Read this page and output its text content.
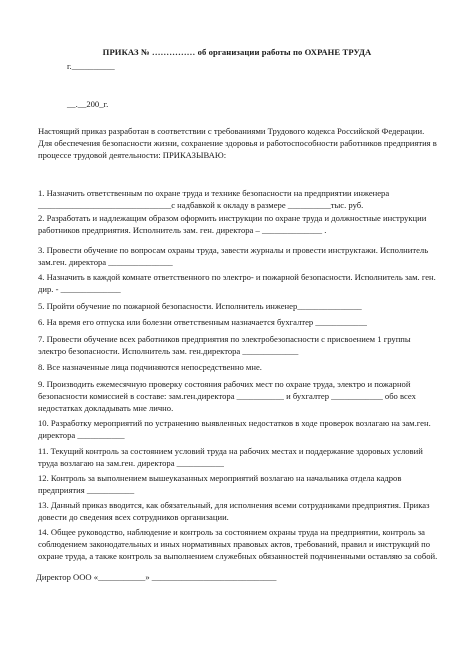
ПРИКАЗ № …………… об организации работы по ОХРАНЕ ТРУДА
г.__________
__.__200_г.
Настоящий приказ разработан в соответствии с требованиями Трудового кодекса Российской Федерации.
Для обеспечения безопасности жизни, сохранение здоровья и работоспособности работников предприятия в
процессе трудовой деятельности: ПРИКАЗЫВАЮ:
1. Назначить ответственным по охране труда и технике безопасности на предприятии инженера
_______________________________с надбавкой к окладу в размере __________тыс. руб.
2. Разработать и надлежащим образом оформить инструкции по охране труда и должностные инструкции
работников предприятия. Исполнитель зам. ген. директора – ______________ .
3. Провести обучение по вопросам охраны труда, завести журналы и провести инструктажи. Исполнитель
зам.ген. директора _______________
4. Назначить в каждой комнате ответственного по электро- и пожарной безопасности. Исполнитель зам. ген.
дир. - ______________
5. Пройти обучение по пожарной безопасности. Исполнитель инженер_______________
6. На время его отпуска или болезни ответственным назначается бухгалтер ____________
7. Провести обучение всех работников предприятия по электробезопасности с присвоением 1 группы
электро безопасности. Исполнитель зам. ген.директора _____________
8. Все назначенные лица подчиняются непосредственно мне.
9. Производить ежемесячную проверку состояния рабочих мест по охране труда, электро и пожарной
безопасности комиссией в составе: зам.ген.директора ___________ и бухгалтер ____________ обо всех
недостатках докладывать мне лично.
10. Разработку мероприятий по устранению выявленных недостатков в ходе проверок возлагаю на зам.ген.
директора ___________
11. Текущий контроль за состоянием условий труда на рабочих местах и поддержание здоровых условий
труда возлагаю на зам.ген. директора ___________
12. Контроль за выполнением вышеуказанных мероприятий возлагаю на начальника отдела кадров
предприятия ___________
13. Данный приказ вводится, как обязательный, для исполнения всеми сотрудниками предприятия. Приказ
довести до сведения всех сотрудников организации.
14. Общее руководство, наблюдение и контроль за состоянием охраны труда на предприятии, контроль за
соблюдением законодательных и иных нормативных правовых актов, требований, правил и инструкций по
охране труда, а также контроль за выполнением служебных обязанностей подчиненными оставляю за собой.
Директор ООО «___________» _____________________________
